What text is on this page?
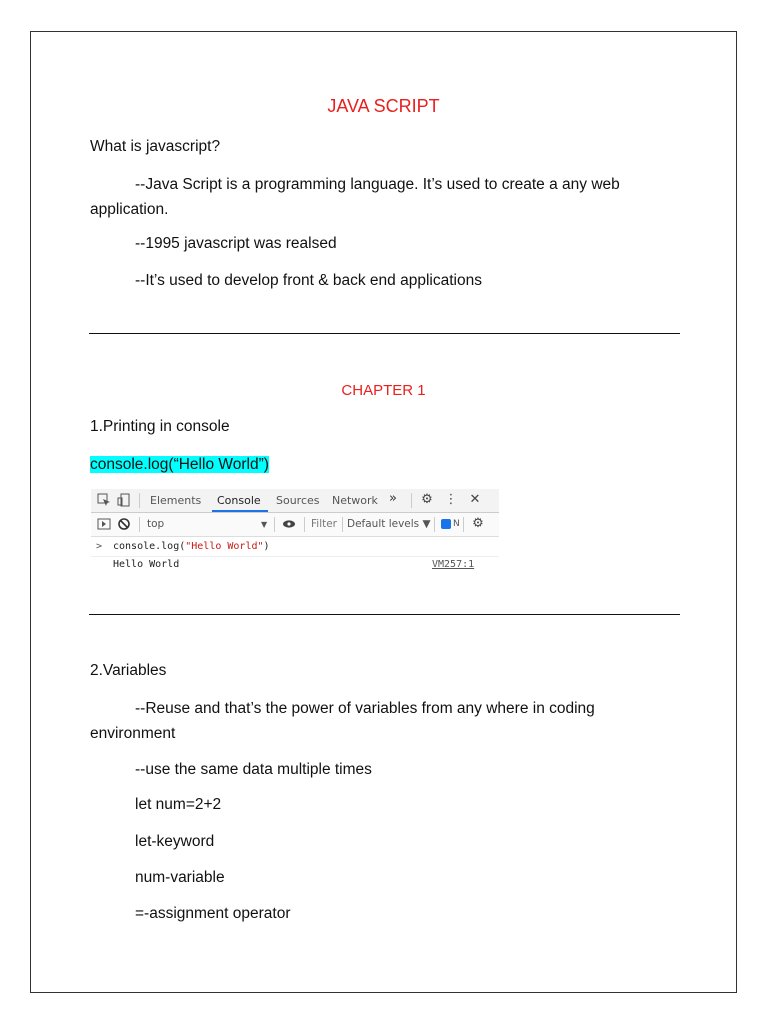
JAVA SCRIPT
What is javascript?
--Java Script is a programming language. It’s used to create a any web
application.
--1995 javascript was realsed
--It’s used to develop front & back end applications
CHAPTER 1
1.Printing in console
console.log(“Hello World”)
Elements Console Sources Network » ⚙ ⋮ ✕
top	▼	Filter Default levels ▼ N ⚙
> console.log("Hello World")
Hello World	VM257:1
2.Variables
--Reuse and that’s the power of variables from any where in coding
environment
--use the same data multiple times
let num=2+2
let-keyword
num-variable
=-assignment operator
